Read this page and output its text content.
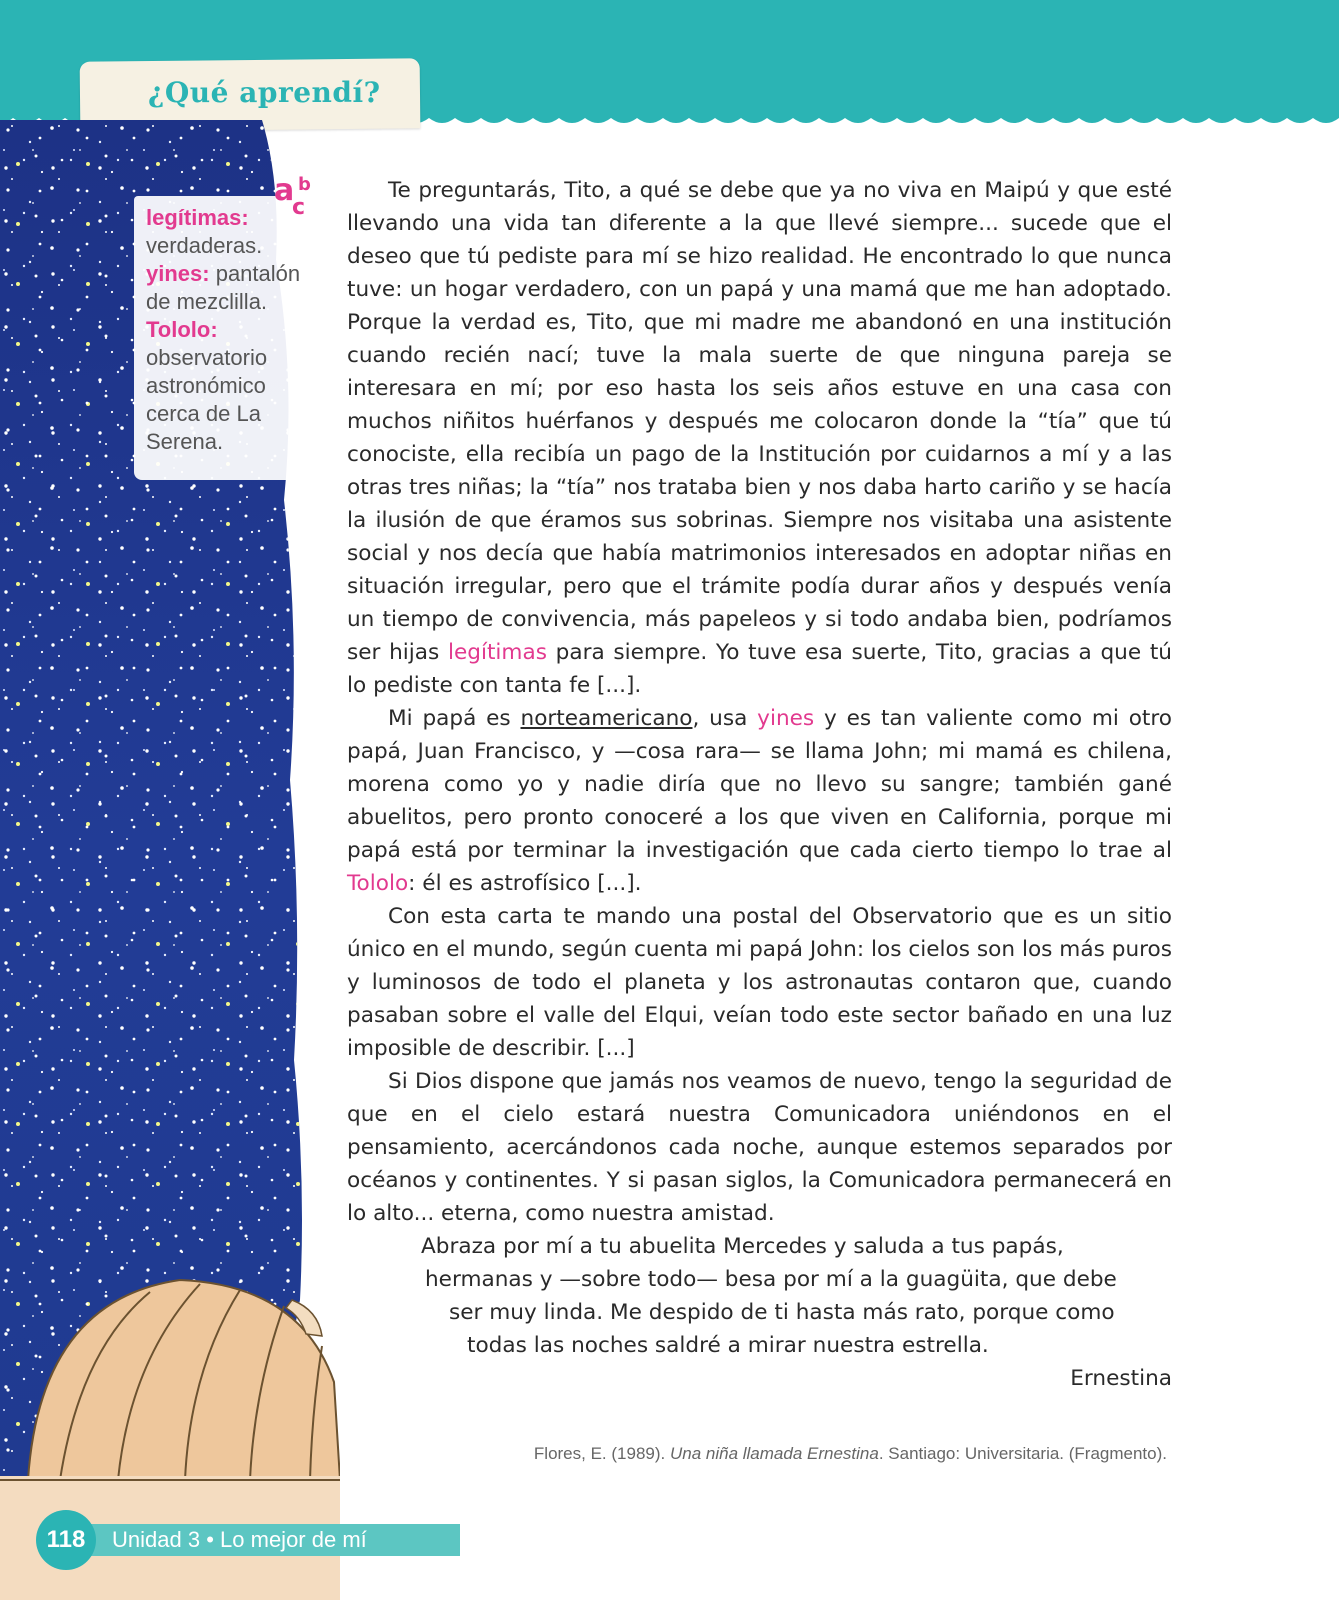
¿Qué aprendí?
a b
c

legítimas:
verdaderas.

yines: pantalón de mezclilla.

Tololo:
observatorio astronómico cerca de La Serena.

Te preguntarás, Tito, a qué se debe que ya no viva en Maipú y que esté llevando una vida tan diferente a la que llevé siempre... sucede que el deseo que tú pediste para mí se hizo realidad. He encontrado lo que nunca tuve: un hogar verdadero, con un papá y una mamá que me han adoptado. Porque la verdad es, Tito, que mi madre me abandonó en una institución cuando recién nací; tuve la mala suerte de que ninguna pareja se interesara en mí; por eso hasta los seis años estuve en una casa con muchos niñitos huérfanos y después me colocaron donde la “tía” que tú conociste, ella recibía un pago de la Institución por cuidarnos a mí y a las otras tres niñas; la “tía” nos trataba bien y nos daba harto cariño y se hacía la ilusión de que éramos sus sobrinas. Siempre nos visitaba una asistente social y nos decía que había matrimonios interesados en adoptar niñas en situación irregular, pero que el trámite podía durar años y después venía un tiempo de convivencia, más papeleos y si todo andaba bien, podríamos ser hijas legítimas para siempre. Yo tuve esa suerte, Tito, gracias a que tú lo pediste con tanta fe [...].

Mi papá es norteamericano, usa yines y es tan valiente como mi otro papá, Juan Francisco, y —cosa rara— se llama John; mi mamá es chilena, morena como yo y nadie diría que no llevo su sangre; también gané abuelitos, pero pronto conoceré a los que viven en California, porque mi papá está por terminar la investigación que cada cierto tiempo lo trae al Tololo: él es astrofísico [...].

Con esta carta te mando una postal del Observatorio que es un sitio único en el mundo, según cuenta mi papá John: los cielos son los más puros y luminosos de todo el planeta y los astronautas contaron que, cuando pasaban sobre el valle del Elqui, veían todo este sector bañado en una luz imposible de describir. [...]

Si Dios dispone que jamás nos veamos de nuevo, tengo la seguridad de que en el cielo estará nuestra Comunicadora uniéndonos en el pensamiento, acercándonos cada noche, aunque estemos separados por océanos y continentes. Y si pasan siglos, la Comunicadora permanecerá en lo alto... eterna, como nuestra amistad.

Abraza por mí a tu abuelita Mercedes y saluda a tus papás,

hermanas y —sobre todo— besa por mí a la guagüita, que debe

ser muy linda. Me despido de ti hasta más rato, porque como

todas las noches saldré a mirar nuestra estrella.

Ernestina

Flores, E. (1989). Una niña llamada Ernestina. Santiago: Universitaria. (Fragmento).
Unidad 3 • Lo mejor de mí
118
